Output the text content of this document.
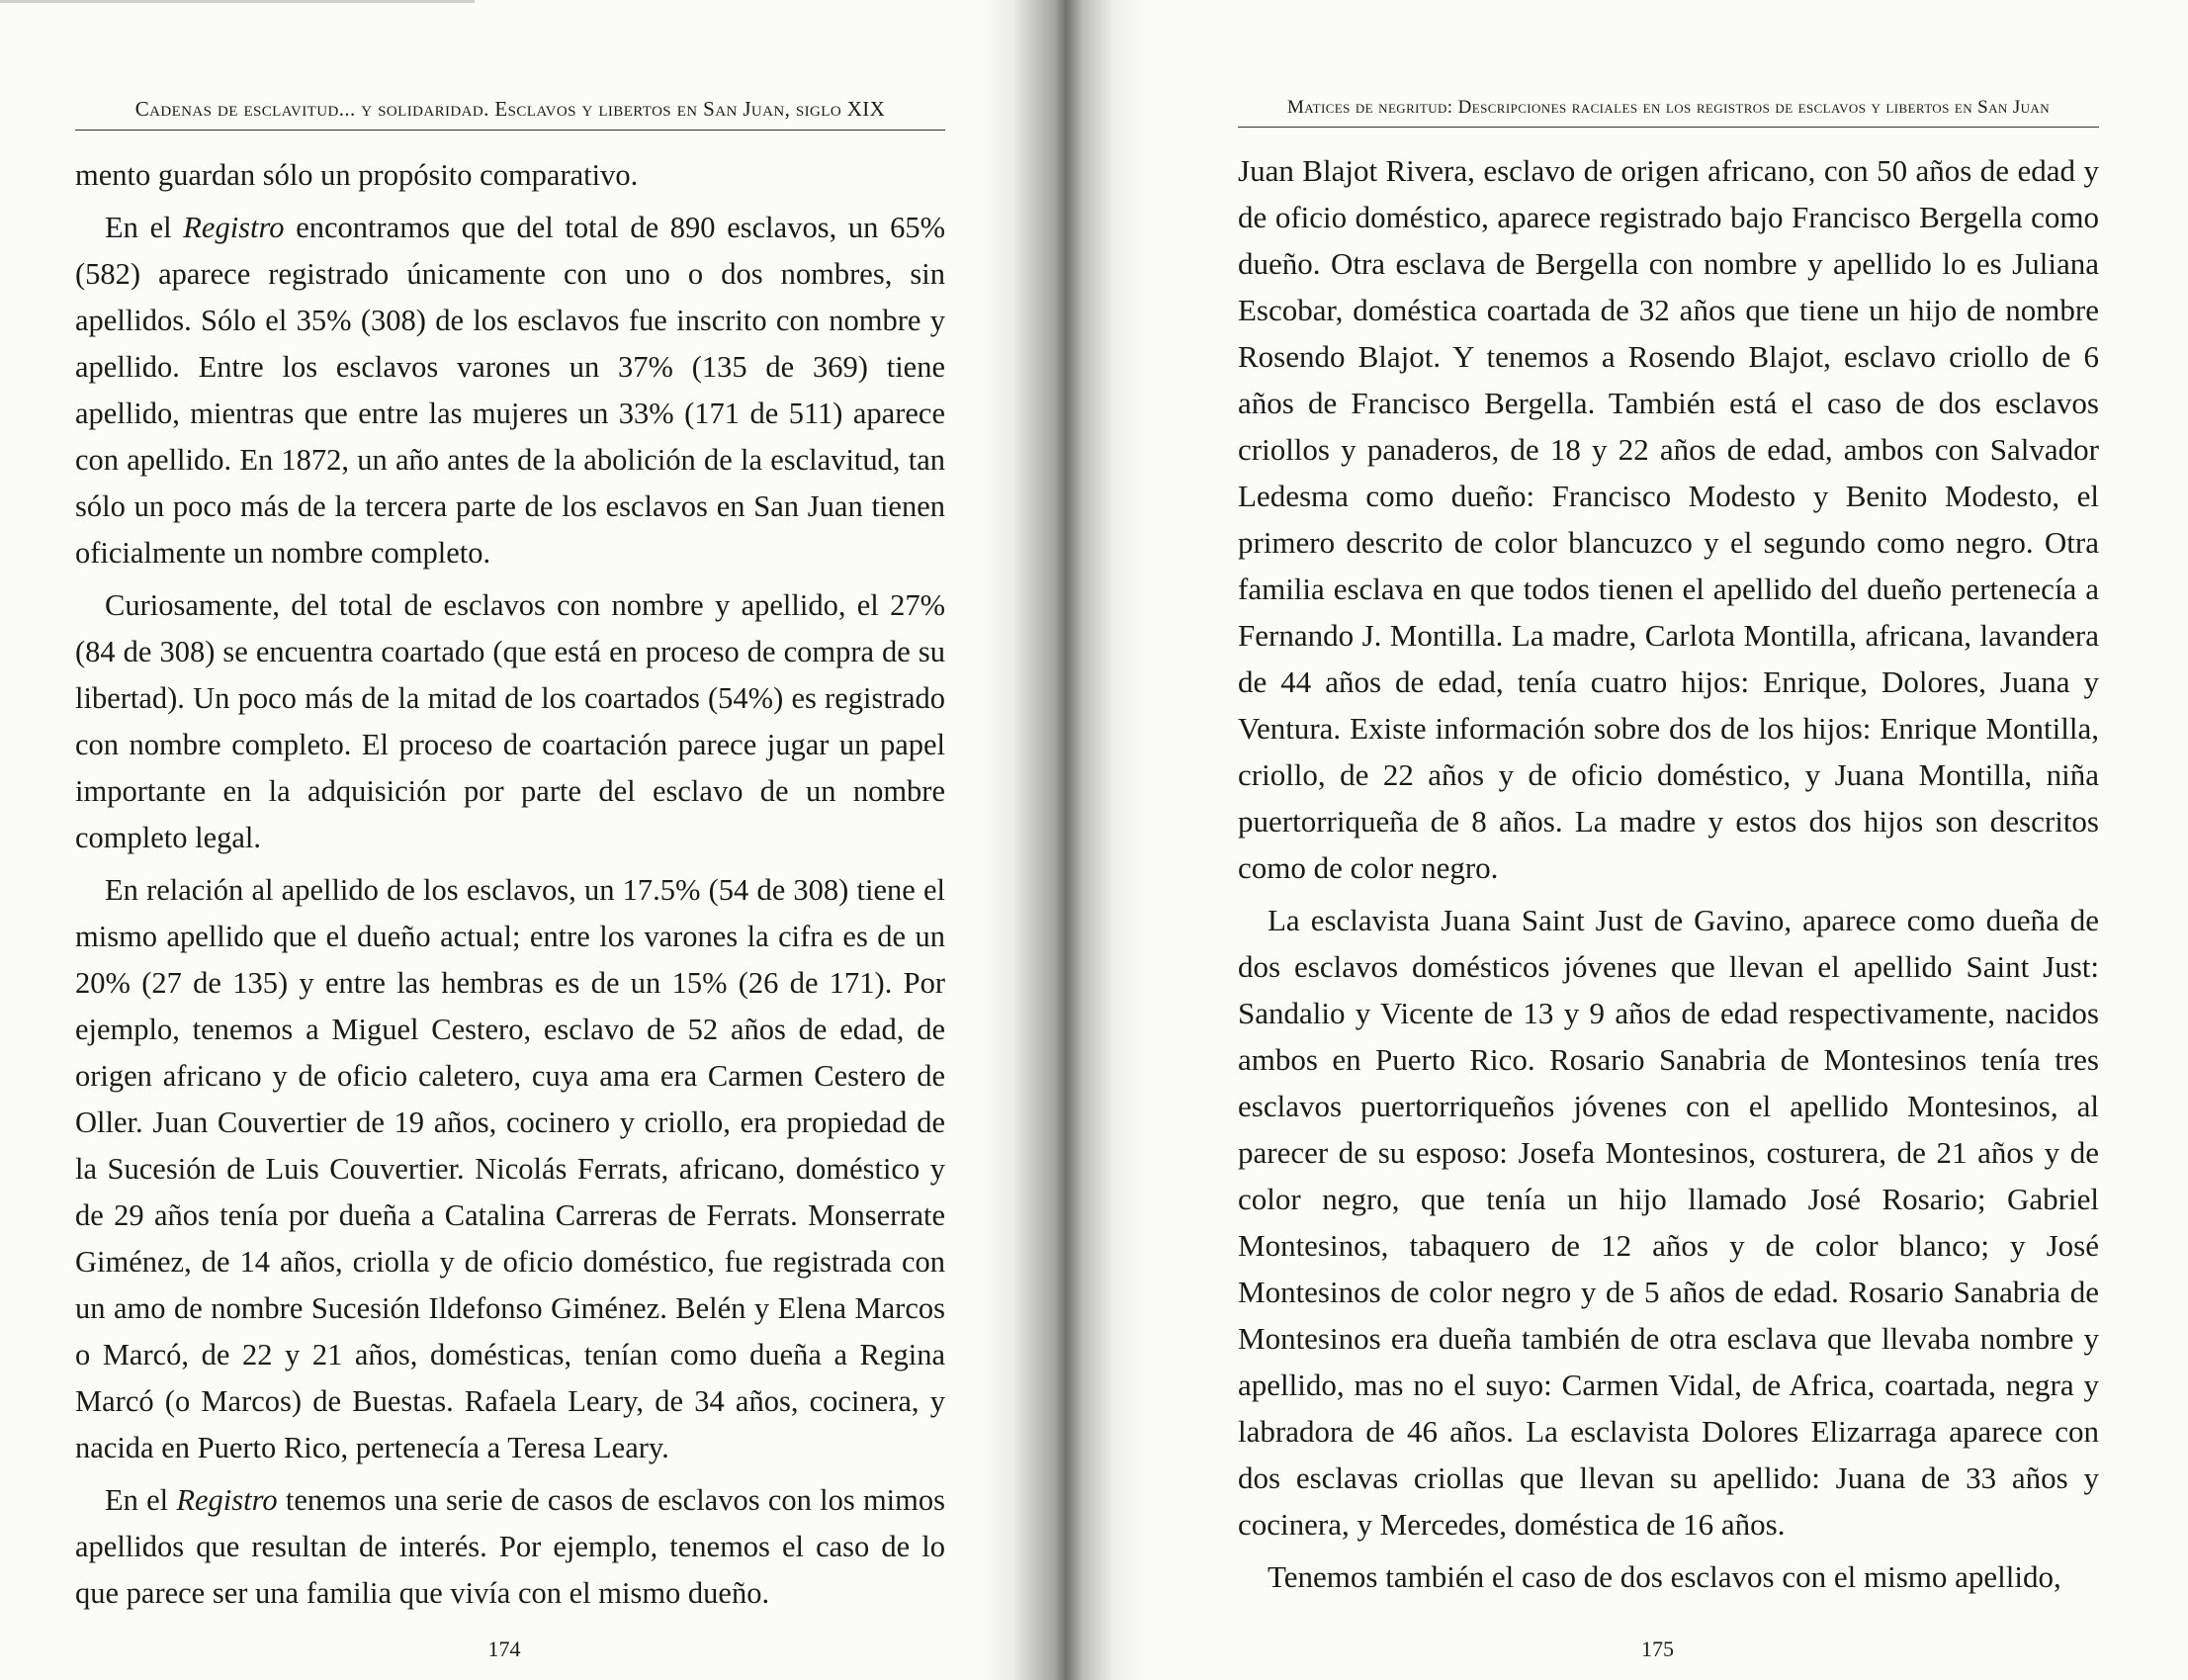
Cadenas de esclavitud... y solidaridad. Esclavos y libertos en San Juan, siglo XIX

mento guardan sólo un propósito comparativo.

En el Registro encontramos que del total de 890 esclavos, un 65% (582) aparece registrado únicamente con uno o dos nombres, sin apellidos. Sólo el 35% (308) de los esclavos fue inscrito con nombre y apellido. Entre los esclavos varones un 37% (135 de 369) tiene apellido, mientras que entre las mujeres un 33% (171 de 511) aparece con apellido. En 1872, un año antes de la abolición de la esclavitud, tan sólo un poco más de la tercera parte de los esclavos en San Juan tienen oficialmente un nombre completo.

Curiosamente, del total de esclavos con nombre y apellido, el 27% (84 de 308) se encuentra coartado (que está en proceso de compra de su libertad). Un poco más de la mitad de los coartados (54%) es registrado con nombre completo. El proceso de coartación parece jugar un papel importante en la adquisición por parte del esclavo de un nombre completo legal.

En relación al apellido de los esclavos, un 17.5% (54 de 308) tiene el mismo apellido que el dueño actual; entre los varones la cifra es de un 20% (27 de 135) y entre las hembras es de un 15% (26 de 171). Por ejemplo, tenemos a Miguel Cestero, esclavo de 52 años de edad, de origen africano y de oficio caletero, cuya ama era Carmen Cestero de Oller. Juan Couvertier de 19 años, cocinero y criollo, era propiedad de la Sucesión de Luis Couvertier. Nicolás Ferrats, africano, doméstico y de 29 años tenía por dueña a Catalina Carreras de Ferrats. Monserrate Giménez, de 14 años, criolla y de oficio doméstico, fue registrada con un amo de nombre Sucesión Ildefonso Giménez. Belén y Elena Marcos o Marcó, de 22 y 21 años, domésticas, tenían como dueña a Regina Marcó (o Marcos) de Buestas. Rafaela Leary, de 34 años, cocinera, y nacida en Puerto Rico, pertenecía a Teresa Leary.

En el Registro tenemos una serie de casos de esclavos con los mimos apellidos que resultan de interés. Por ejemplo, tenemos el caso de lo que parece ser una familia que vivía con el mismo dueño.

174
Matices de negritud: Descripciones raciales en los registros de esclavos y libertos en San Juan

Juan Blajot Rivera, esclavo de origen africano, con 50 años de edad y de oficio doméstico, aparece registrado bajo Francisco Bergella como dueño. Otra esclava de Bergella con nombre y apellido lo es Juliana Escobar, doméstica coartada de 32 años que tiene un hijo de nombre Rosendo Blajot. Y tenemos a Rosendo Blajot, esclavo criollo de 6 años de Francisco Bergella. También está el caso de dos esclavos criollos y panaderos, de 18 y 22 años de edad, ambos con Salvador Ledesma como dueño: Francisco Modesto y Benito Modesto, el primero descrito de color blancuzco y el segundo como negro. Otra familia esclava en que todos tienen el apellido del dueño pertenecía a Fernando J. Montilla. La madre, Carlota Montilla, africana, lavandera de 44 años de edad, tenía cuatro hijos: Enrique, Dolores, Juana y Ventura. Existe información sobre dos de los hijos: Enrique Montilla, criollo, de 22 años y de oficio doméstico, y Juana Montilla, niña puertorriqueña de 8 años. La madre y estos dos hijos son descritos como de color negro.

La esclavista Juana Saint Just de Gavino, aparece como dueña de dos esclavos domésticos jóvenes que llevan el apellido Saint Just: Sandalio y Vicente de 13 y 9 años de edad respectivamente, nacidos ambos en Puerto Rico. Rosario Sanabria de Montesinos tenía tres esclavos puertorriqueños jóvenes con el apellido Montesinos, al parecer de su esposo: Josefa Montesinos, costurera, de 21 años y de color negro, que tenía un hijo llamado José Rosario; Gabriel Montesinos, tabaquero de 12 años y de color blanco; y José Montesinos de color negro y de 5 años de edad. Rosario Sanabria de Montesinos era dueña también de otra esclava que llevaba nombre y apellido, mas no el suyo: Carmen Vidal, de Africa, coartada, negra y labradora de 46 años. La esclavista Dolores Elizarraga aparece con dos esclavas criollas que llevan su apellido: Juana de 33 años y cocinera, y Mercedes, doméstica de 16 años.

Tenemos también el caso de dos esclavos con el mismo apellido,

175
